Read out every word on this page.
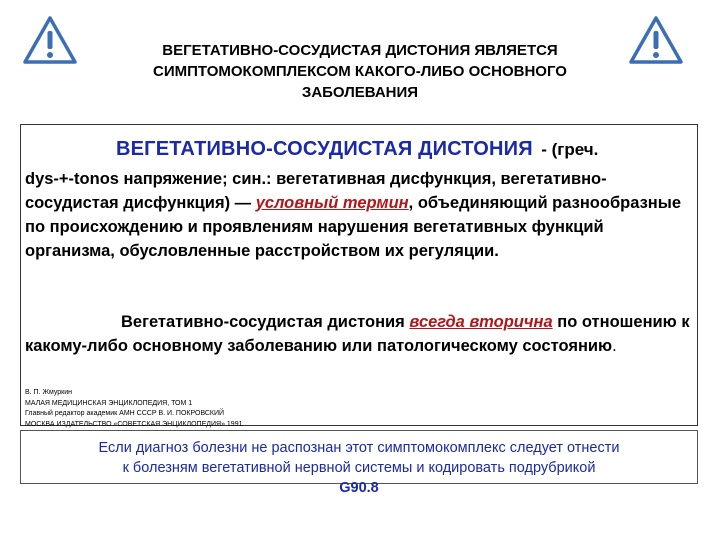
ВЕГЕТАТИВНО-СОСУДИСТАЯ ДИСТОНИЯ ЯВЛЯЕТСЯ
СИМПТОМОКОМПЛЕКСОМ КАКОГО-ЛИБО ОСНОВНОГО
ЗАБОЛЕВАНИЯ
ВЕГЕТАТИВНО-СОСУДИСТАЯ ДИСТОНИЯ - (греч.
dys-+-tonos напряжение; син.: вегетативная дисфункция, вегетативно-сосудистая дисфункция) — условный термин, объединяющий разнообразные по происхождению и проявлениям нарушения вегетативных функций организма, обусловленные расстройством их регуляции.
Вегетативно-сосудистая дистония всегда вторична по отношению к какому-либо основному заболеванию или патологическому состоянию.
В. П. Жмуркин
МАЛАЯ МЕДИЦИНСКАЯ ЭНЦИКЛОПЕДИЯ, ТОМ 1
Главный редактор академик АМН СССР В. И. ПОКРОВСКИЙ
МОСКВА ИЗДАТЕЛЬСТВО «СОВЕТСКАЯ ЭНЦИКЛОПЕДИЯ» 1991
Если диагноз болезни не распознан этот симптомокомплекс следует отнести
к болезням вегетативной нервной системы и кодировать подрубрикой
G90.8
